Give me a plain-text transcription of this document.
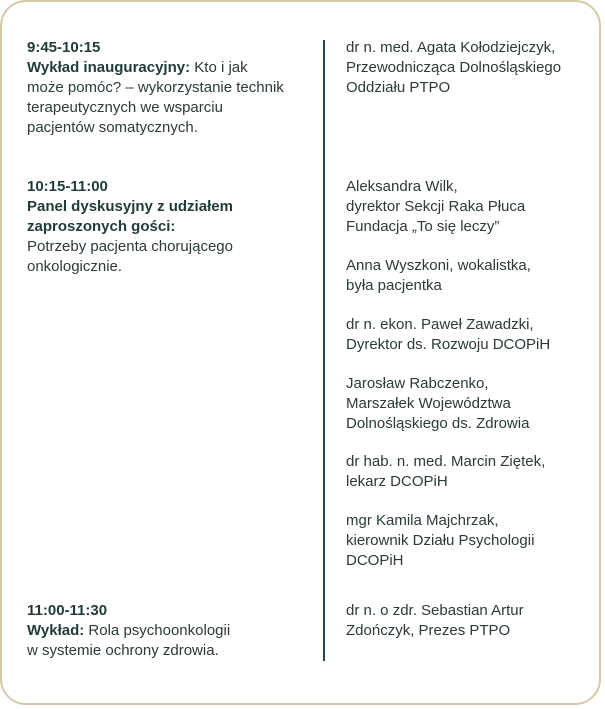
9:45-10:15
Wykład inauguracyjny: Kto i jak
może pomóc? – wykorzystanie technik
terapeutycznych we wsparciu
pacjentów somatycznych.
10:15-11:00
Panel dyskusyjny z udziałem
zaproszonych gości:
Potrzeby pacjenta chorującego
onkologicznie.
11:00-11:30
Wykład: Rola psychoonkologii
w systemie ochrony zdrowia.
dr n. med. Agata Kołodziejczyk,
Przewodnicząca Dolnośląskiego
Oddziału PTPO
Aleksandra Wilk,
dyrektor Sekcji Raka Płuca
Fundacja „To się leczy”
Anna Wyszkoni, wokalistka,
była pacjentka
dr n. ekon. Paweł Zawadzki,
Dyrektor ds. Rozwoju DCOPiH
Jarosław Rabczenko,
Marszałek Województwa
Dolnośląskiego ds. Zdrowia
dr hab. n. med. Marcin Ziętek,
lekarz DCOPiH
mgr Kamila Majchrzak,
kierownik Działu Psychologii
DCOPiH
dr n. o zdr. Sebastian Artur
Zdończyk, Prezes PTPO
